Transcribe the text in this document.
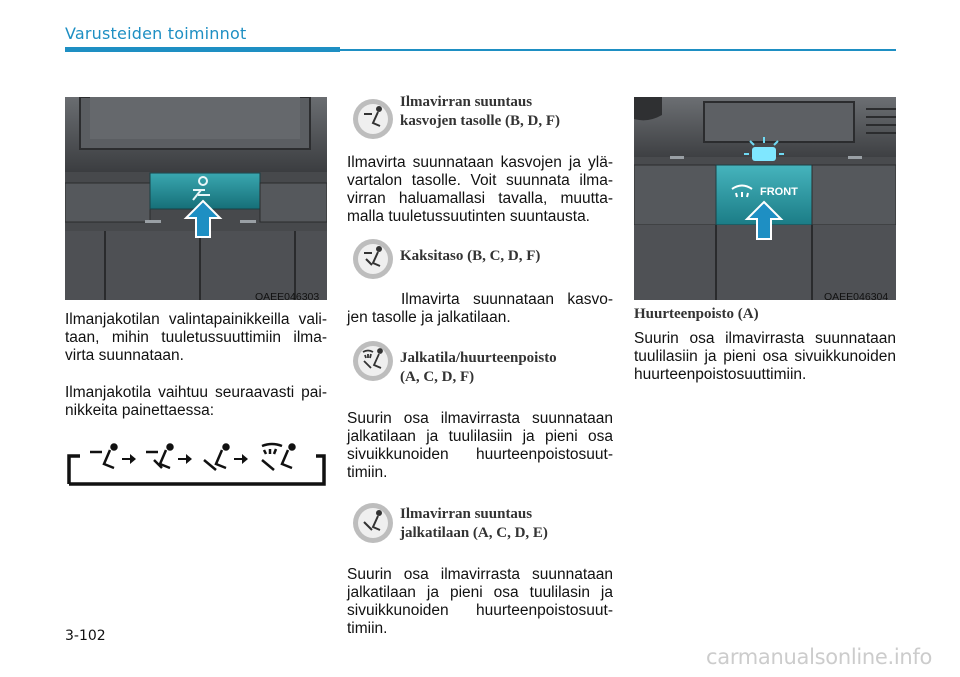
Varusteiden toiminnot
OAEE046303

Ilmanjakotilan valintapainikkeilla vali-taan, mihin tuuletussuuttimiin ilma-virta suunnataan.

Ilmanjakotila vaihtuu seuraavasti pai-nikkeita painettaessa:

Ilmavirran suuntaus
kasvojen tasolle (B, D, F)

Ilmavirta suunnataan kasvojen ja ylä-vartalon tasolle. Voit suunnata ilma-virran haluamallasi tavalla, muutta-malla tuuletussuutinten suuntausta.

Kaksitaso (B, C, D, F)

Ilmavirta suunnataan kasvo-jen tasolle ja jalkatilaan.

Jalkatila/huurteenpoisto
(A, C, D, F)

Suurin osa ilmavirrasta suunnataan jalkatilaan ja tuulilasiin ja pieni osa sivuikkunoiden huurteenpoistosuut-timiin.

Ilmavirran suuntaus
jalkatilaan (A, C, D, E)

Suurin osa ilmavirrasta suunnataan jalkatilaan ja pieni osa tuulilasin ja sivuikkunoiden huurteenpoistosuut-timiin.

FRONT
OAEE046304

Huurteenpoisto (A)

Suurin osa ilmavirrasta suunnataan tuulilasiin ja pieni osa sivuikkunoiden huurteenpoistosuuttimiin.

3-102
carmanualsonline.info
